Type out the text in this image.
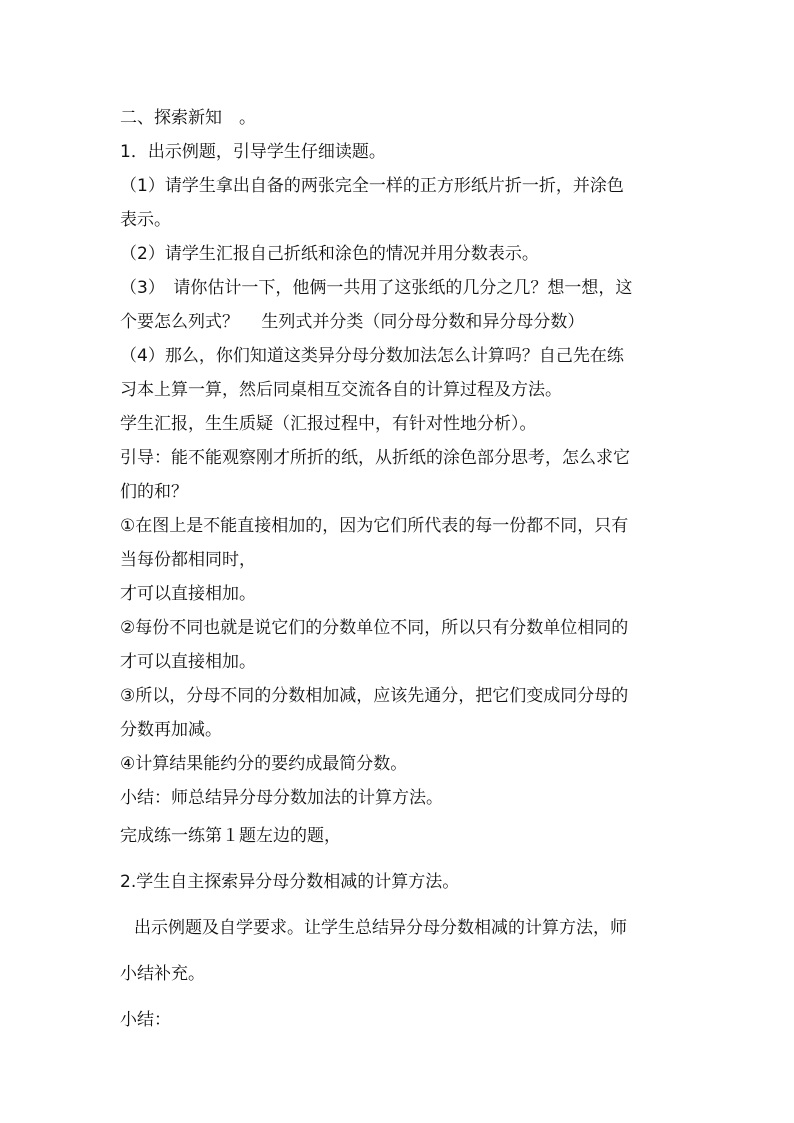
二、探索新知　。
1．出示例题，引导学生仔细读题。
（1）请学生拿出自备的两张完全一样的正方形纸片折一折，并涂色
表示。
（2）请学生汇报自己折纸和涂色的情况并用分数表示。
（3）　请你估计一下，他俩一共用了这张纸的几分之几？想一想，这
个要怎么列式？　 生列式并分类（同分母分数和异分母分数）
（4）那么，你们知道这类异分母分数加法怎么计算吗？自己先在练
习本上算一算，然后同桌相互交流各自的计算过程及方法。
学生汇报，生生质疑（汇报过程中，有针对性地分析）。
引导：能不能观察刚才所折的纸，从折纸的涂色部分思考，怎么求它
们的和？
①在图上是不能直接相加的，因为它们所代表的每一份都不同，只有
当每份都相同时，
才可以直接相加。
②每份不同也就是说它们的分数单位不同，所以只有分数单位相同的
才可以直接相加。
③所以，分母不同的分数相加减，应该先通分，把它们变成同分母的
分数再加减。
④计算结果能约分的要约成最简分数。
小结：师总结异分母分数加法的计算方法。
完成练一练第１题左边的题，
2.学生自主探索异分母分数相减的计算方法。
出示例题及自学要求。让学生总结异分母分数相减的计算方法，师
小结补充。
小结：
